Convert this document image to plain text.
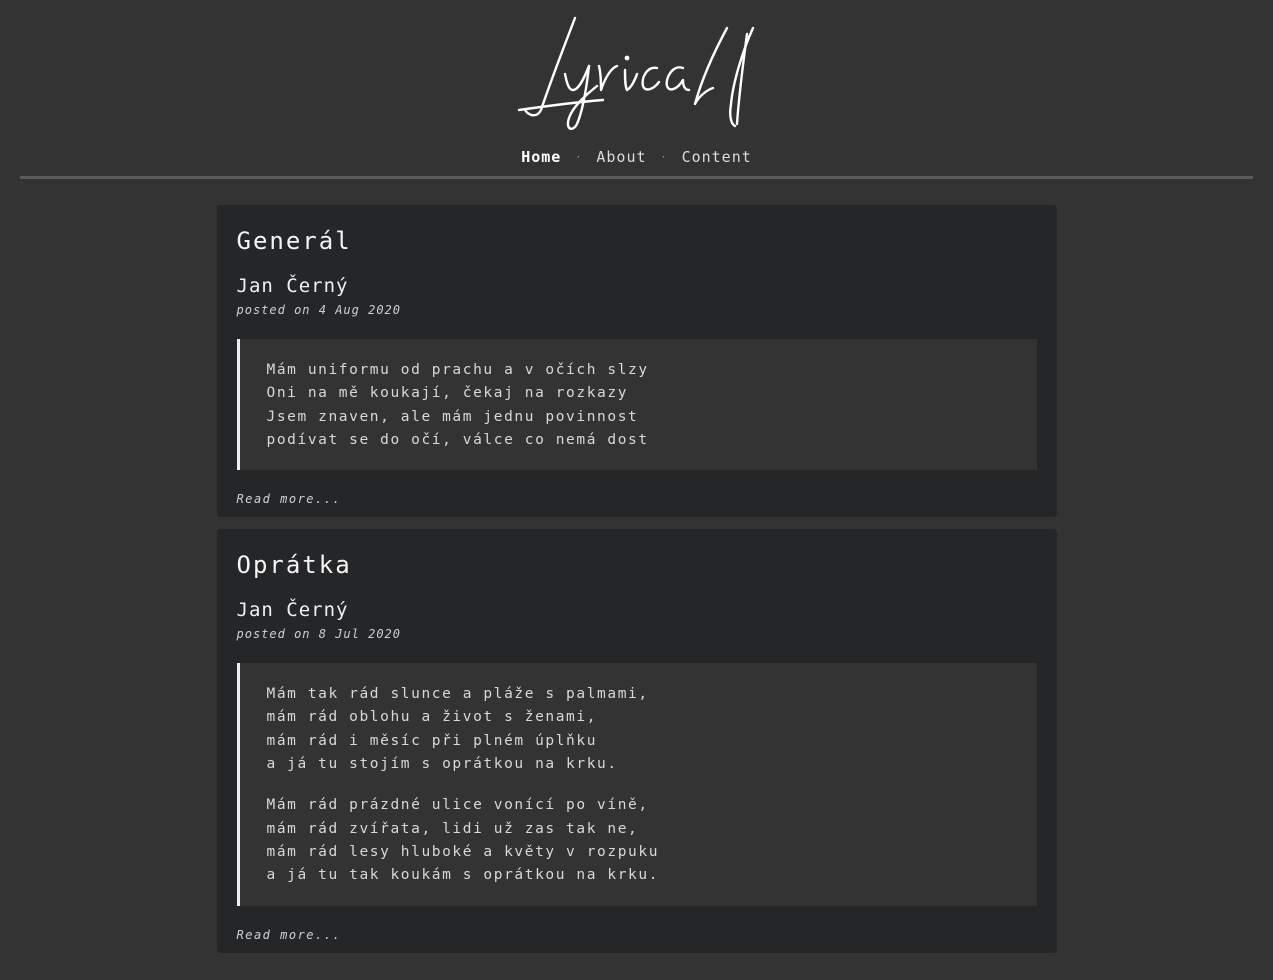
Home · About · Content
Generál
Jan Černý
posted on 4 Aug 2020
Mám uniformu od prachu a v očích slzy
Oni na mě koukají, čekaj na rozkazy
Jsem znaven, ale mám jednu povinnost
podívat se do očí, válce co nemá dost
Read more...
Oprátka
Jan Černý
posted on 8 Jul 2020
Mám tak rád slunce a pláže s palmami,
mám rád oblohu a život s ženami,
mám rád i měsíc při plném úplňku
a já tu stojím s oprátkou na krku.
Mám rád prázdné ulice vonící po víně,
mám rád zvířata, lidi už zas tak ne,
mám rád lesy hluboké a květy v rozpuku
a já tu tak koukám s oprátkou na krku.
Read more...
